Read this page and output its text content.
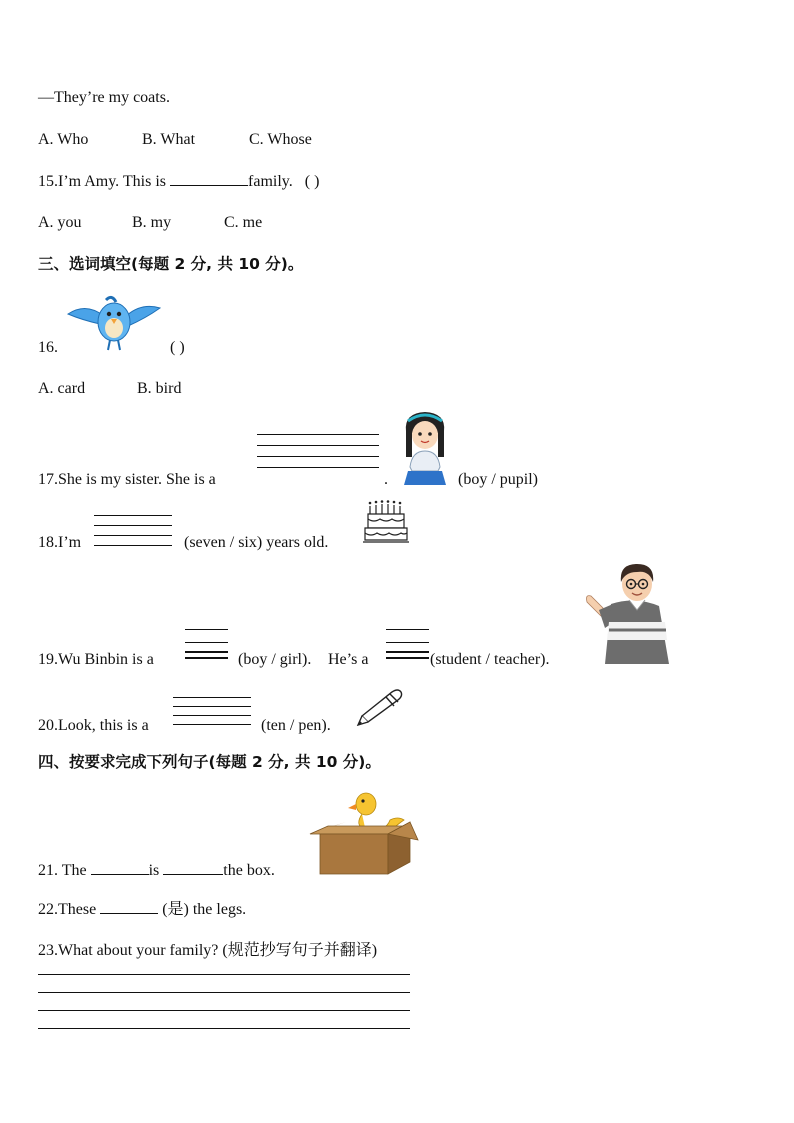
—They’re my coats.
A. Who	B. What	C. Whose
15.I’m Amy. This is	family. ( )
A. you	B. my	C. me
三、选词填空(每题 2 分, 共 10 分)。
16.	( )
A. card	B. bird
17.She is my sister. She is a	.	(boy / pupil)
18.I’m	(seven / six) years old.
19.Wu Binbin is a	(boy / girl). He’s a	(student / teacher).
20.Look, this is a	(ten / pen).
四、按要求完成下列句子(每题 2 分, 共 10 分)。
21. The	is	the box.
22.These	(是) the legs.
23.What about your family? (规范抄写句子并翻译)
